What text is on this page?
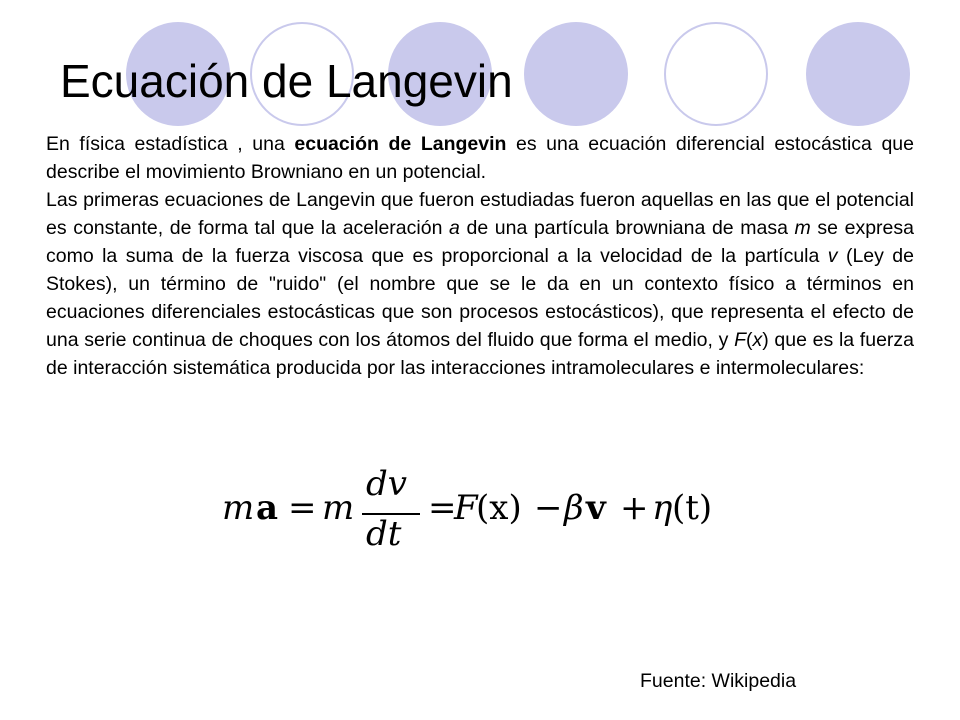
Ecuación de Langevin

En física estadística , una ecuación de Langevin es una ecuación diferencial estocástica que describe el movimiento Browniano en un potencial.

Las primeras ecuaciones de Langevin que fueron estudiadas fueron aquellas en las que el potencial es constante, de forma tal que la aceleración a de una partícula browniana de masa m se expresa como la suma de la fuerza viscosa que es proporcional a la velocidad de la partícula v (Ley de Stokes), un término de "ruido" (el nombre que se le da en un contexto físico a términos en ecuaciones diferenciales estocásticas que son procesos estocásticos), que representa el efecto de una serie continua de choques con los átomos del fluido que forma el medio, y F(x) que es la fuerza de interacción sistemática producida por las interacciones intramoleculares e intermoleculares:

m a = m
dv
dt
=
F
(x) − β v + η (t)
Fuente: Wikipedia
